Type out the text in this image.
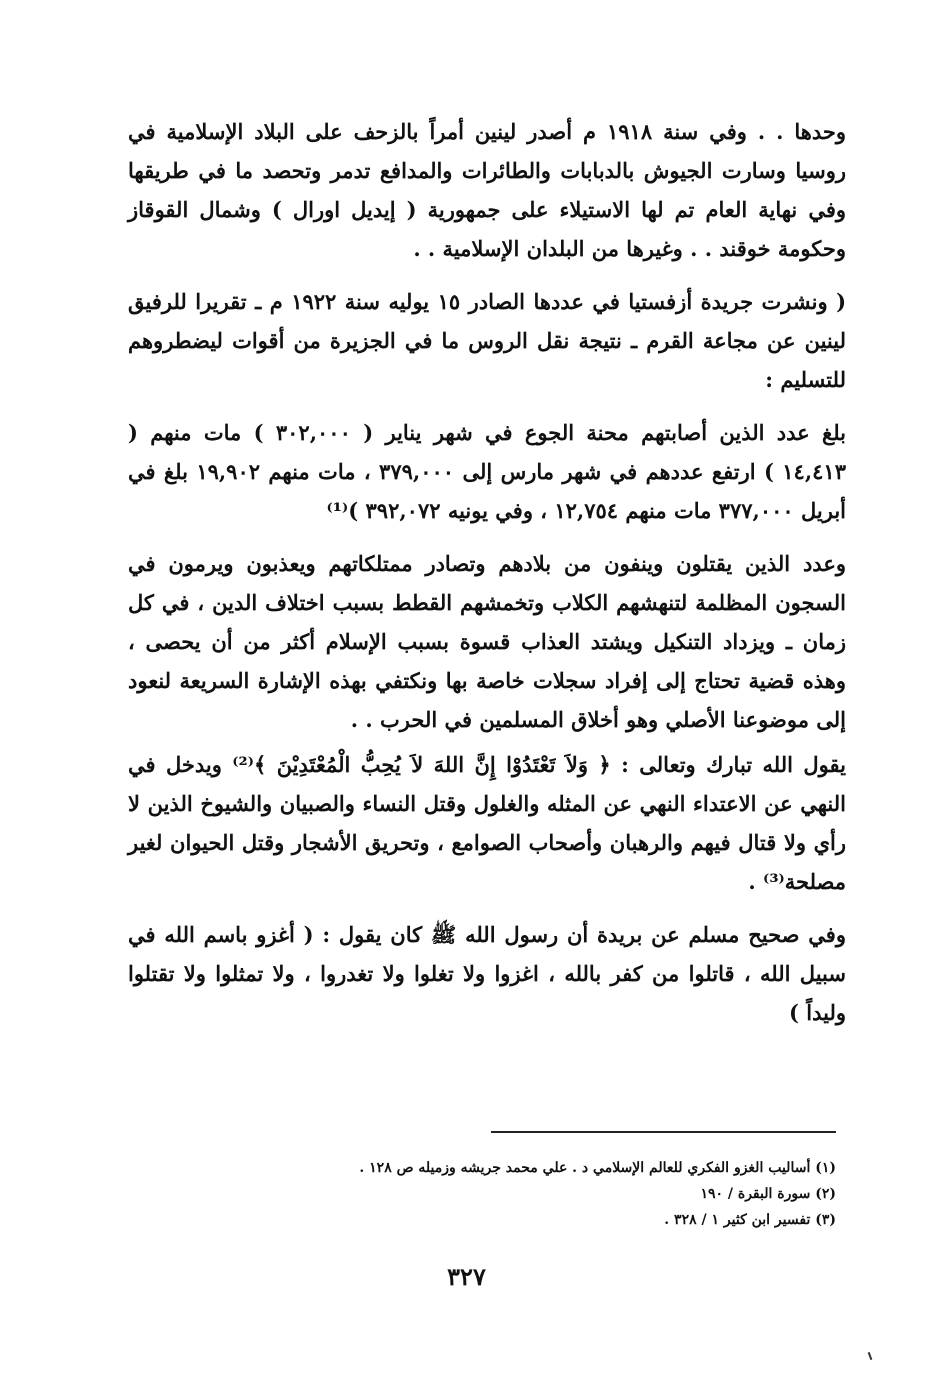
وحدها . . وفي سنة ١٩١٨ م أصدر لينين أمراً بالزحف على البلاد الإسلامية في روسيا وسارت الجيوش بالدبابات والطائرات والمدافع تدمر وتحصد ما في طريقها وفي نهاية العام تم لها الاستيلاء على جمهورية ( إيديل اورال ) وشمال القوقاز وحكومة خوقند . . وغيرها من البلدان الإسلامية . .

( ونشرت جريدة أزفستيا في عددها الصادر ١٥ يوليه سنة ١٩٢٢ م ـ تقريرا للرفيق لينين عن مجاعة القرم ـ نتيجة نقل الروس ما في الجزيرة من أقوات ليضطروهم للتسليم :

بلغ عدد الذين أصابتهم محنة الجوع في شهر يناير ( ٣٠٢,٠٠٠ ) مات منهم ( ١٤,٤١٣ ) ارتفع عددهم في شهر مارس إلى ٣٧٩,٠٠٠ ، مات منهم ١٩,٩٠٢ بلغ في أبريل ٣٧٧,٠٠٠ مات منهم ١٢,٧٥٤ ، وفي يونيه ٣٩٢,٠٧٢ )⁽¹⁾

وعدد الذين يقتلون وينفون من بلادهم وتصادر ممتلكاتهم ويعذبون ويرمون في السجون المظلمة لتنهشهم الكلاب وتخمشهم القطط بسبب اختلاف الدين ، في كل زمان ـ ويزداد التنكيل ويشتد العذاب قسوة بسبب الإسلام أكثر من أن يحصى ، وهذه قضية تحتاج إلى إفراد سجلات خاصة بها ونكتفي بهذه الإشارة السريعة لنعود إلى موضوعنا الأصلي وهو أخلاق المسلمين في الحرب . .

يقول الله تبارك وتعالى : ﴿ وَلاَ تَعْتَدُوْا إِنَّ اللهَ لاَ يُحِبُّ الْمُعْتَدِيْنَ ﴾⁽²⁾ ويدخل في النهي عن الاعتداء النهي عن المثله والغلول وقتل النساء والصبيان والشيوخ الذين لا رأي ولا قتال فيهم والرهبان وأصحاب الصوامع ، وتحريق الأشجار وقتل الحيوان لغير مصلحة⁽³⁾ .

وفي صحيح مسلم عن بريدة أن رسول الله ﷺ كان يقول : ( أغزو باسم الله في سبيل الله ، قاتلوا من كفر بالله ، اغزوا ولا تغلوا ولا تغدروا ، ولا تمثلوا ولا تقتلوا وليداً )

(١) أساليب الغزو الفكري للعالم الإسلامي د . علي محمد جريشه وزميله ص ١٢٨ .

(٢) سورة البقرة / ١٩٠

(٣) تفسير ابن كثير ١ / ٣٢٨ .

٣٢٧
